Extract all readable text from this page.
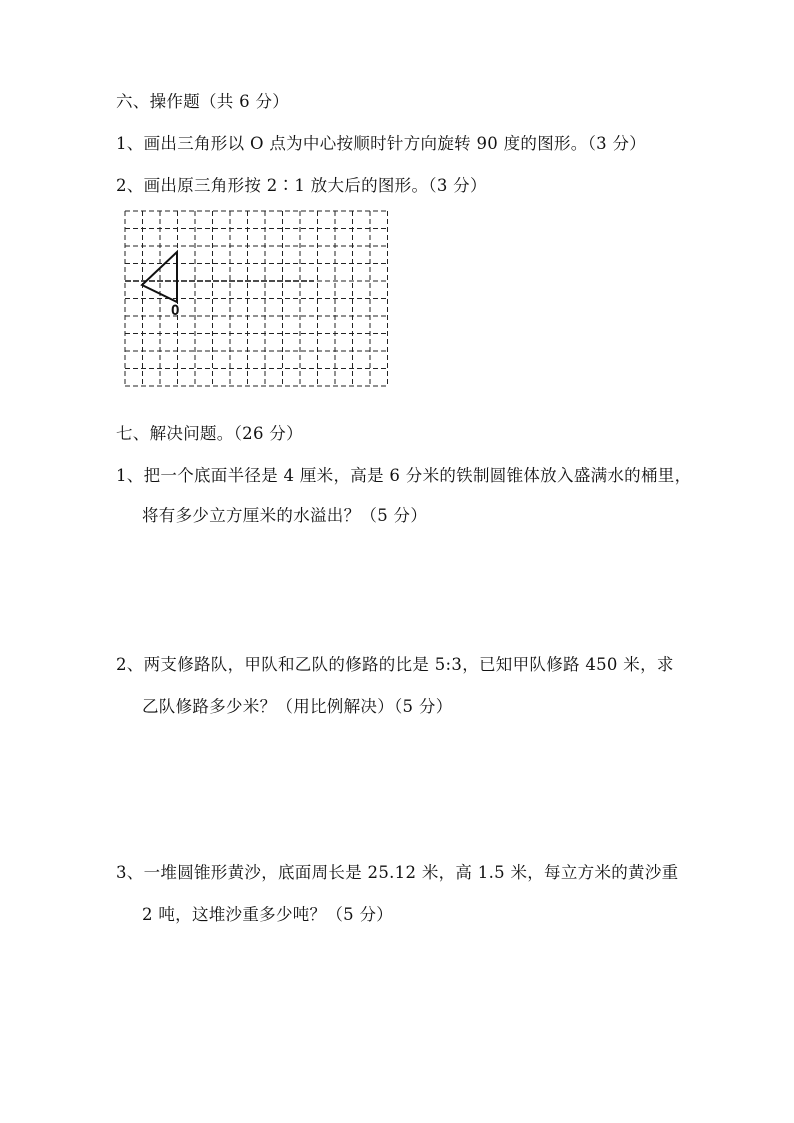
六、操作题（共 6 分）
1、画出三角形以 O 点为中心按顺时针方向旋转 90 度的图形。（3 分）
2、画出原三角形按 2∶1 放大后的图形。（3 分）
O
七、解决问题。（26 分）
1、把一个底面半径是 4 厘米，高是 6 分米的铁制圆锥体放入盛满水的桶里，
将有多少立方厘米的水溢出？（5 分）
2、两支修路队，甲队和乙队的修路的比是 5:3，已知甲队修路 450 米，求
乙队修路多少米？（用比例解决）（5 分）
3、一堆圆锥形黄沙，底面周长是 25.12 米，高 1.5 米，每立方米的黄沙重
2 吨，这堆沙重多少吨？（5 分）
